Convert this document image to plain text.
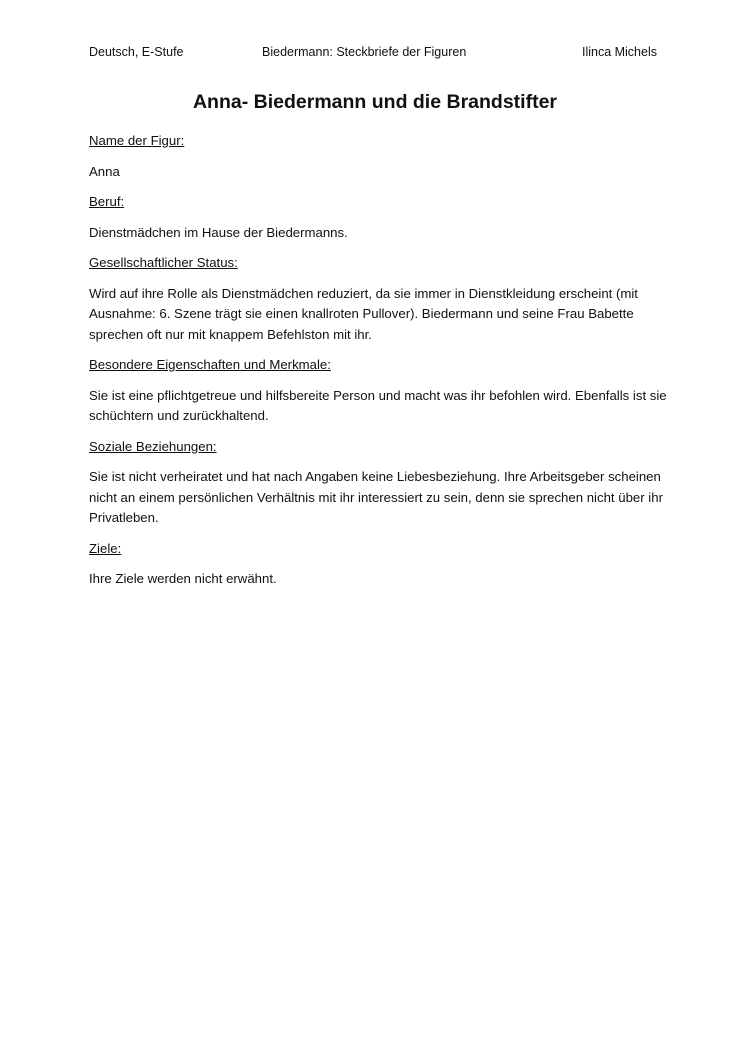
Deutsch, E-Stufe	Biedermann: Steckbriefe der Figuren	Ilinca Michels
Anna- Biedermann und die Brandstifter

Name der Figur:

Anna

Beruf:

Dienstmädchen im Hause der Biedermanns.

Gesellschaftlicher Status:

Wird auf ihre Rolle als Dienstmädchen reduziert, da sie immer in Dienstkleidung erscheint (mit Ausnahme: 6. Szene trägt sie einen knallroten Pullover). Biedermann und seine Frau Babette sprechen oft nur mit knappem Befehlston mit ihr.

Besondere Eigenschaften und Merkmale:

Sie ist eine pflichtgetreue und hilfsbereite Person und macht was ihr befohlen wird. Ebenfalls ist sie schüchtern und zurückhaltend.

Soziale Beziehungen:

Sie ist nicht verheiratet und hat nach Angaben keine Liebesbeziehung. Ihre Arbeitsgeber scheinen nicht an einem persönlichen Verhältnis mit ihr interessiert zu sein, denn sie sprechen nicht über ihr Privatleben.

Ziele:

Ihre Ziele werden nicht erwähnt.
